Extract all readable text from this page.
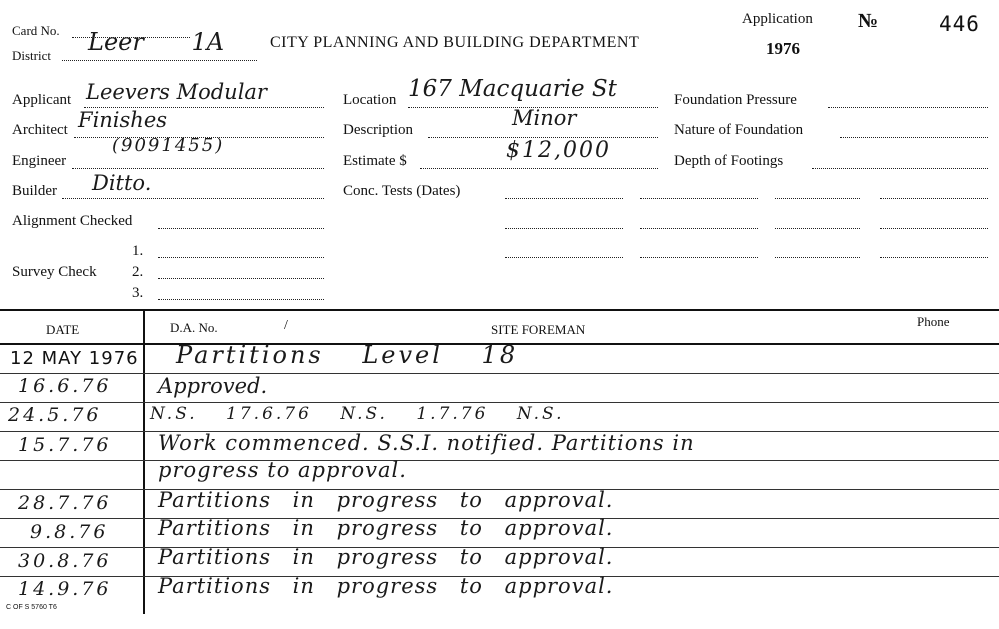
Card No.
District Leer 1A	CITY PLANNING AND BUILDING DEPARTMENT
Application
1976
№	446
Applicant Leevers Modular
Architect Finishes
Engineer
(9091455)
Builder Ditto.
Alignment Checked
Survey Check
1.
2.
3.
Location 167 Macquarie St
Description	Minor
Estimate $	$12,000
Conc. Tests (Dates)
Foundation Pressure
Nature of Foundation
Depth of Footings
DATE	D.A. No.	/	SITE FOREMAN
Phone
12 MAY 1976 Partitions Level 18
16.6.76 Approved.
24.5.76	N.S. 17.6.76 N.S. 1.7.76 N.S.
15.7.76 Work commenced. S.S.I. notified. Partitions in
progress to approval.
28.7.76 Partitions in progress to approval.
9.8.76 Partitions in progress to approval.
30.8.76 Partitions in progress to approval.
14.9.76 Partitions in progress to approval.
C OF S 5760 T6
